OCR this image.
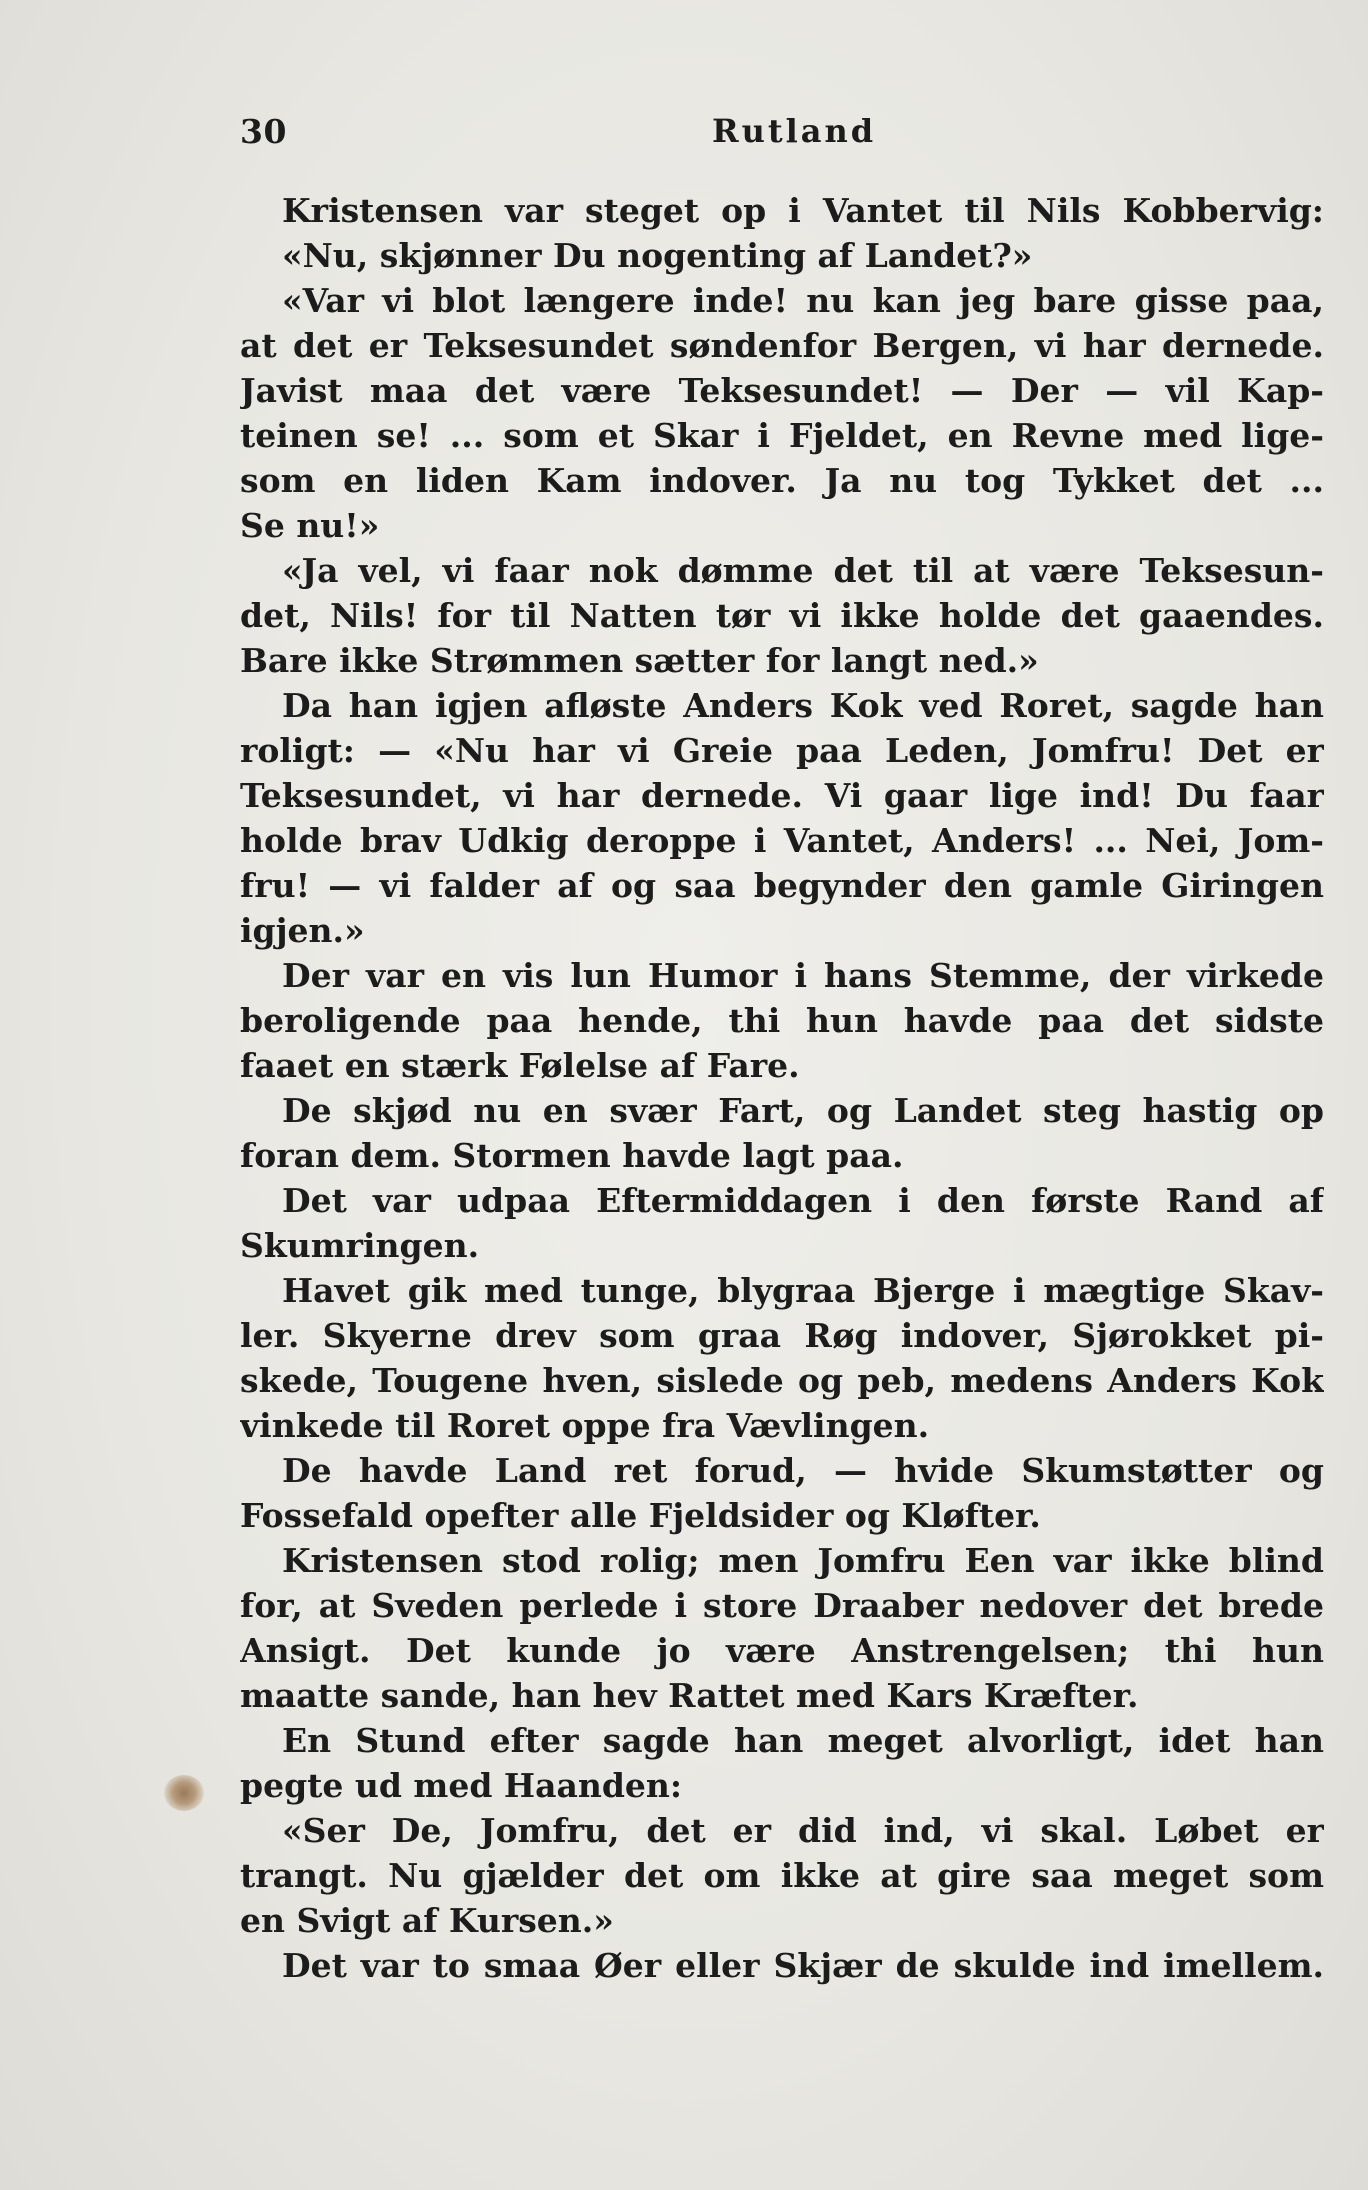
30	Rutland
Kristensen var steget op i Vantet til Nils Kobbervig:
«Nu, skjønner Du nogenting af Landet?»
«Var vi blot længere inde! nu kan jeg bare gisse paa,
at det er Teksesundet søndenfor Bergen, vi har dernede.
Javist maa det være Teksesundet! — Der — vil Kap-
teinen se! ... som et Skar i Fjeldet, en Revne med lige-
som en liden Kam indover. Ja nu tog Tykket det ...
Se nu!»
«Ja vel, vi faar nok dømme det til at være Teksesun-
det, Nils! for til Natten tør vi ikke holde det gaaendes.
Bare ikke Strømmen sætter for langt ned.»
Da han igjen afløste Anders Kok ved Roret, sagde han
roligt: — «Nu har vi Greie paa Leden, Jomfru! Det er
Teksesundet, vi har dernede. Vi gaar lige ind! Du faar
holde brav Udkig deroppe i Vantet, Anders! ... Nei, Jom-
fru! — vi falder af og saa begynder den gamle Giringen
igjen.»
Der var en vis lun Humor i hans Stemme, der virkede
beroligende paa hende, thi hun havde paa det sidste
faaet en stærk Følelse af Fare.
De skjød nu en svær Fart, og Landet steg hastig op
foran dem. Stormen havde lagt paa.
Det var udpaa Eftermiddagen i den første Rand af
Skumringen.
Havet gik med tunge, blygraa Bjerge i mægtige Skav-
ler. Skyerne drev som graa Røg indover, Sjørokket pi-
skede, Tougene hven, sislede og peb, medens Anders Kok
vinkede til Roret oppe fra Vævlingen.
De havde Land ret forud, — hvide Skumstøtter og
Fossefald opefter alle Fjeldsider og Kløfter.
Kristensen stod rolig; men Jomfru Een var ikke blind
for, at Sveden perlede i store Draaber nedover det brede
Ansigt. Det kunde jo være Anstrengelsen; thi hun
maatte sande, han hev Rattet med Kars Kræfter.
En Stund efter sagde han meget alvorligt, idet han
pegte ud med Haanden:
«Ser De, Jomfru, det er did ind, vi skal. Løbet er
trangt. Nu gjælder det om ikke at gire saa meget som
en Svigt af Kursen.»
Det var to smaa Øer eller Skjær de skulde ind imellem.
